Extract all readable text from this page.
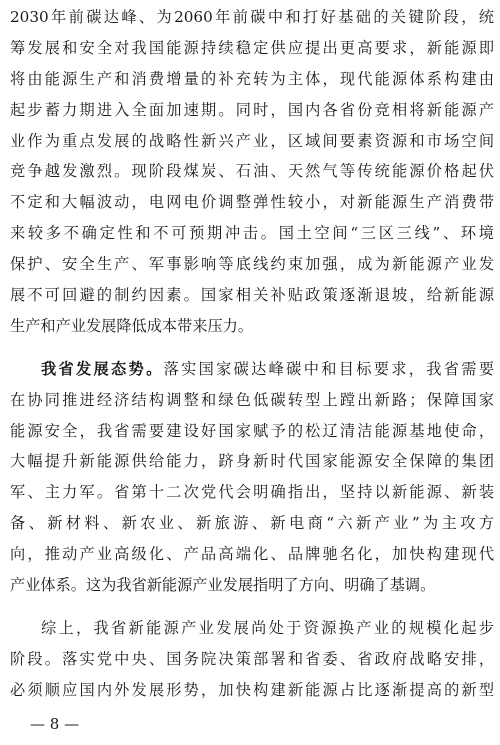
2030年前碳达峰、为2060年前碳中和打好基础的关键阶段，统
筹发展和安全对我国能源持续稳定供应提出更高要求，新能源即
将由能源生产和消费增量的补充转为主体，现代能源体系构建由
起步蓄力期进入全面加速期。同时，国内各省份竞相将新能源产
业作为重点发展的战略性新兴产业，区域间要素资源和市场空间
竞争越发激烈。现阶段煤炭、石油、天然气等传统能源价格起伏
不定和大幅波动，电网电价调整弹性较小，对新能源生产消费带
来较多不确定性和不可预期冲击。国土空间“三区三线”、环境
保护、安全生产、军事影响等底线约束加强，成为新能源产业发
展不可回避的制约因素。国家相关补贴政策逐渐退坡，给新能源
生产和产业发展降低成本带来压力。
我省发展态势。落实国家碳达峰碳中和目标要求，我省需要
在协同推进经济结构调整和绿色低碳转型上蹚出新路；保障国家
能源安全，我省需要建设好国家赋予的松辽清洁能源基地使命，
大幅提升新能源供给能力，跻身新时代国家能源安全保障的集团
军、主力军。省第十二次党代会明确指出，坚持以新能源、新装
备、新材料、新农业、新旅游、新电商“六新产业”为主攻方
向，推动产业高级化、产品高端化、品牌驰名化，加快构建现代
产业体系。这为我省新能源产业发展指明了方向、明确了基调。
综上，我省新能源产业发展尚处于资源换产业的规模化起步
阶段。落实党中央、国务院决策部署和省委、省政府战略安排，
必须顺应国内外发展形势，加快构建新能源占比逐渐提高的新型
— 8 —
